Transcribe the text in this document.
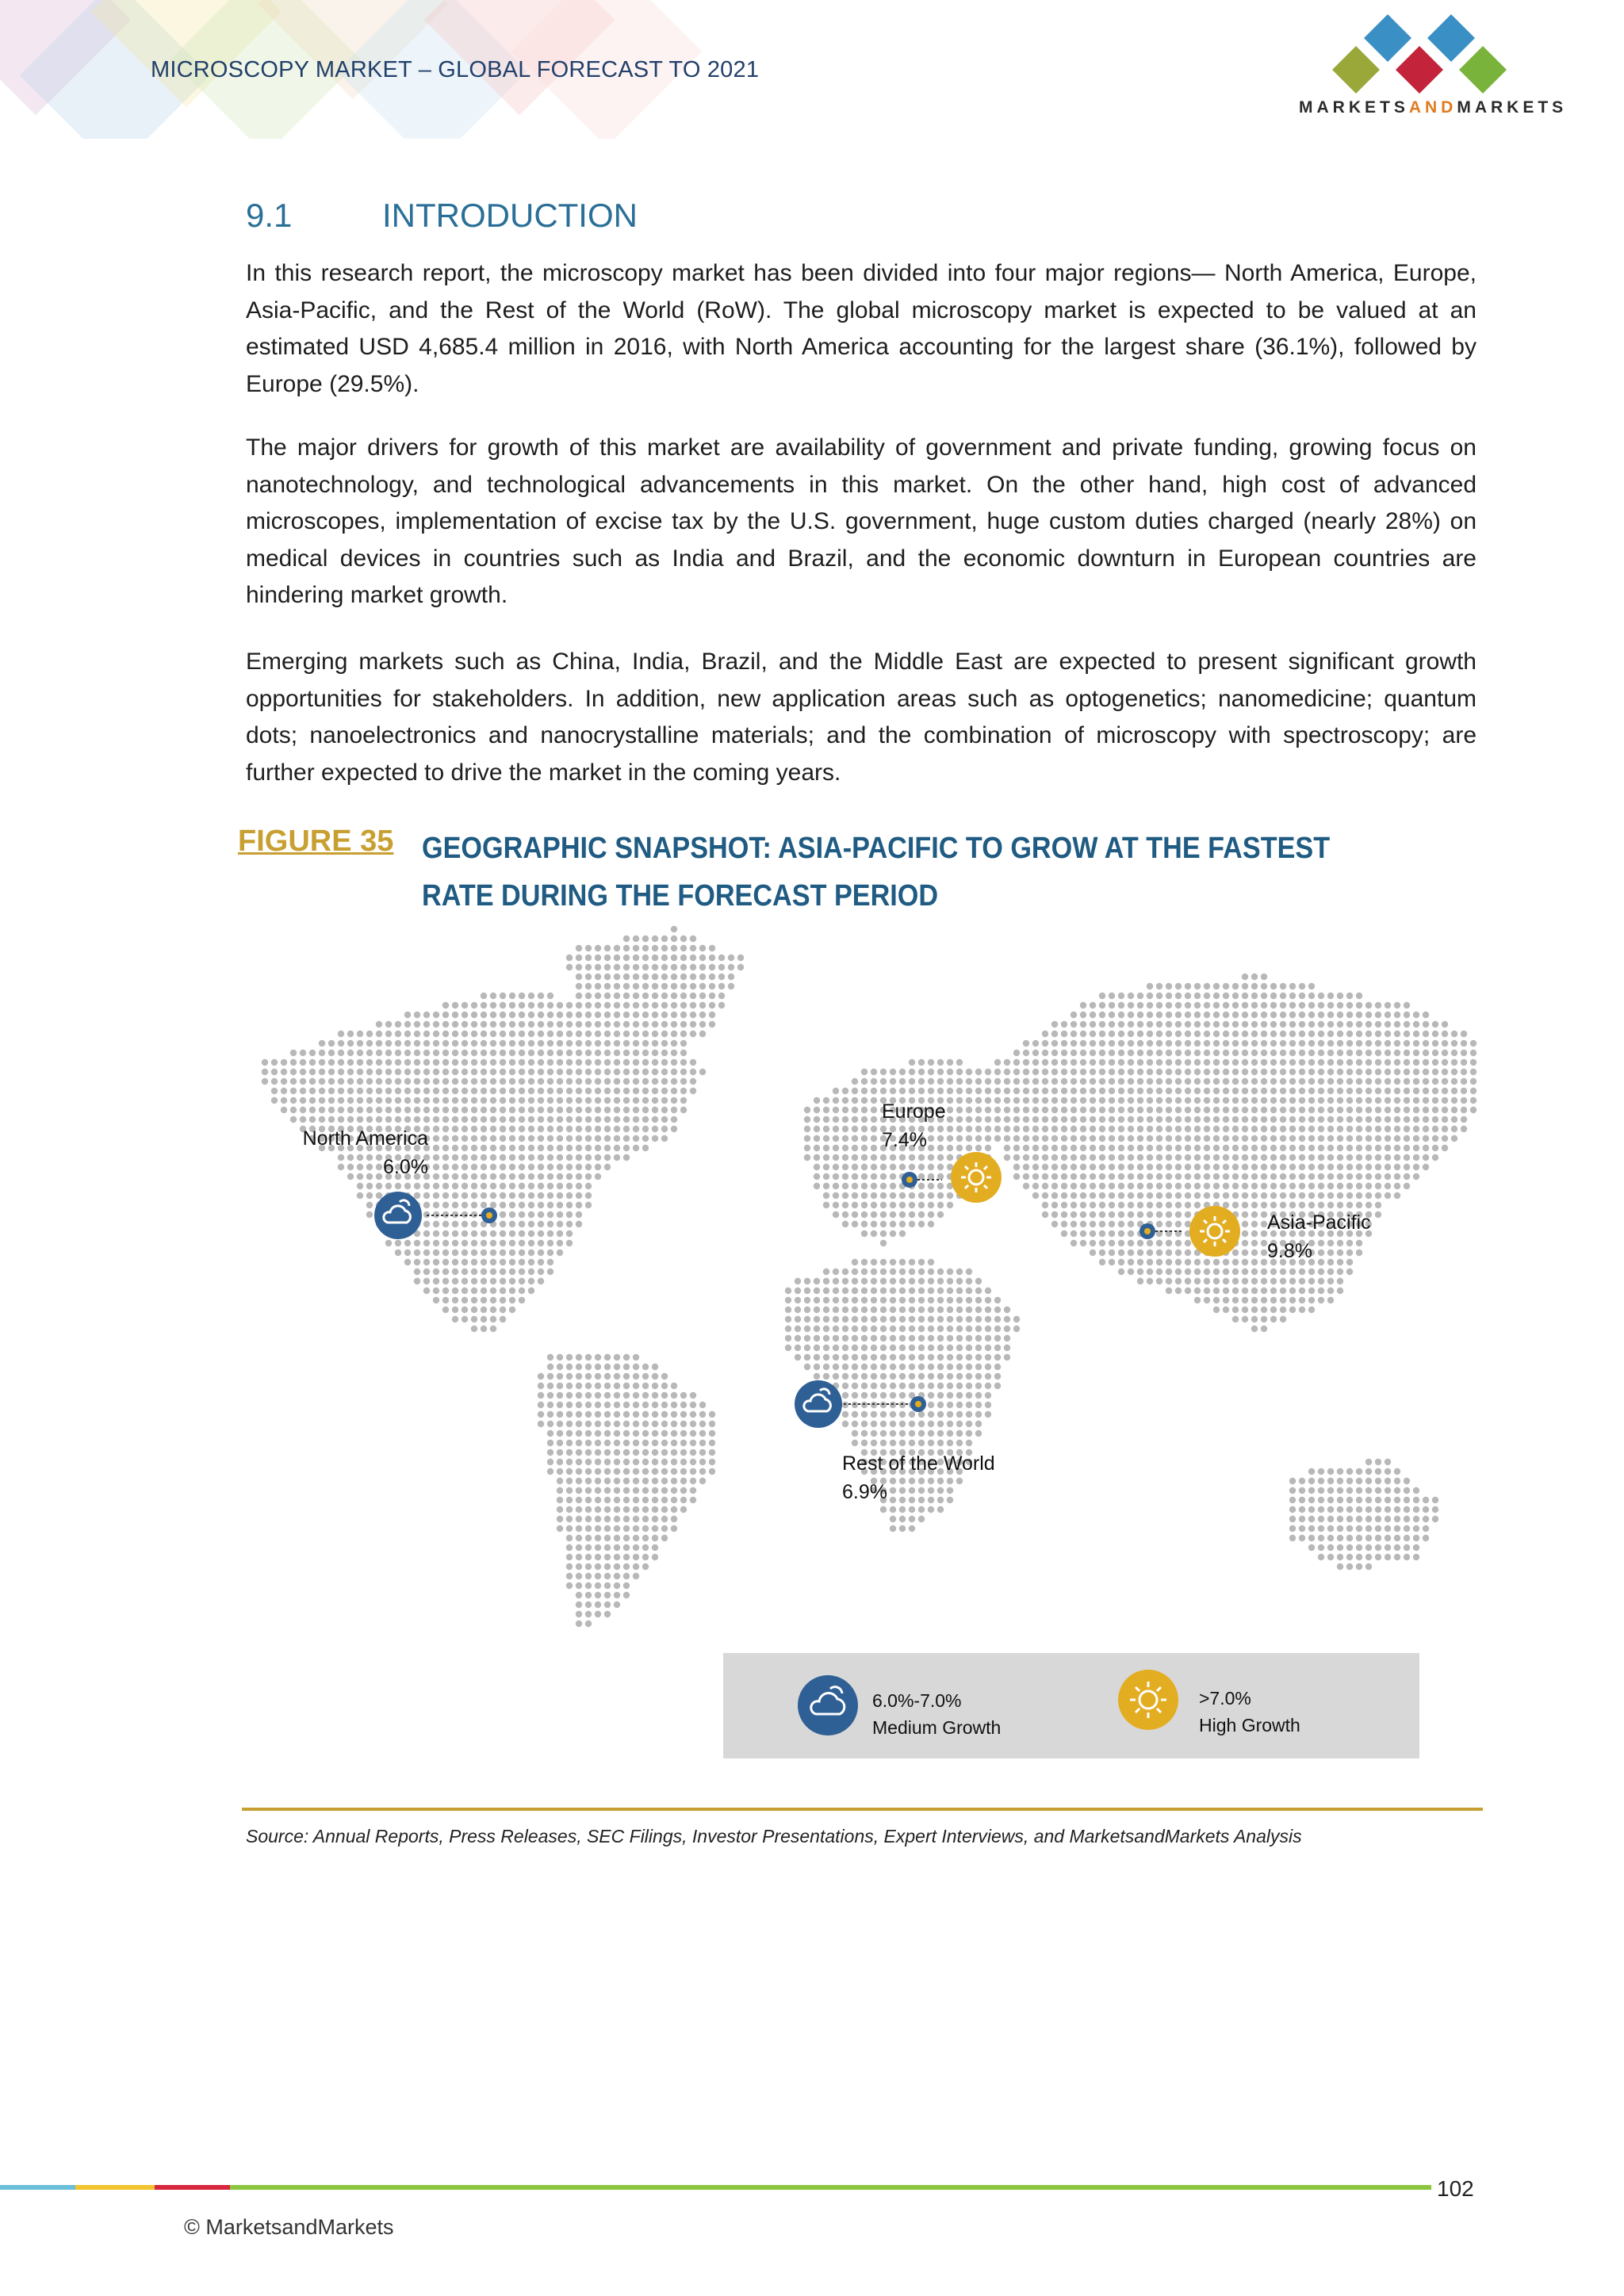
MICROSCOPY MARKET – GLOBAL FORECAST TO 2021
MARKETSANDMARKETS
9.1	INTRODUCTION

In this research report, the microscopy market has been divided into four major regions— North America, Europe, Asia-Pacific, and the Rest of the World (RoW). The global microscopy market is expected to be valued at an estimated USD 4,685.4 million in 2016, with North America accounting for the largest share (36.1%), followed by Europe (29.5%).

The major drivers for growth of this market are availability of government and private funding, growing focus on nanotechnology, and technological advancements in this market. On the other hand, high cost of advanced microscopes, implementation of excise tax by the U.S. government, huge custom duties charged (nearly 28%) on medical devices in countries such as India and Brazil, and the economic downturn in European countries are hindering market growth.

Emerging markets such as China, India, Brazil, and the Middle East are expected to present significant growth opportunities for stakeholders. In addition, new application areas such as optogenetics; nanomedicine; quantum dots; nanoelectronics and nanocrystalline materials; and the combination of microscopy with spectroscopy; are further expected to drive the market in the coming years.

FIGURE 35 GEOGRAPHIC SNAPSHOT: ASIA-PACIFIC TO GROW AT THE FASTEST RATE DURING THE FORECAST PERIOD
North America
6.0%
Europe
7.4%
Asia-Pacific
9.8%
Rest of the World
6.9%
6.0%-7.0%
Medium Growth
>7.0%
High Growth
Source: Annual Reports, Press Releases, SEC Filings, Investor Presentations, Expert Interviews, and MarketsandMarkets Analysis
102
© MarketsandMarkets
